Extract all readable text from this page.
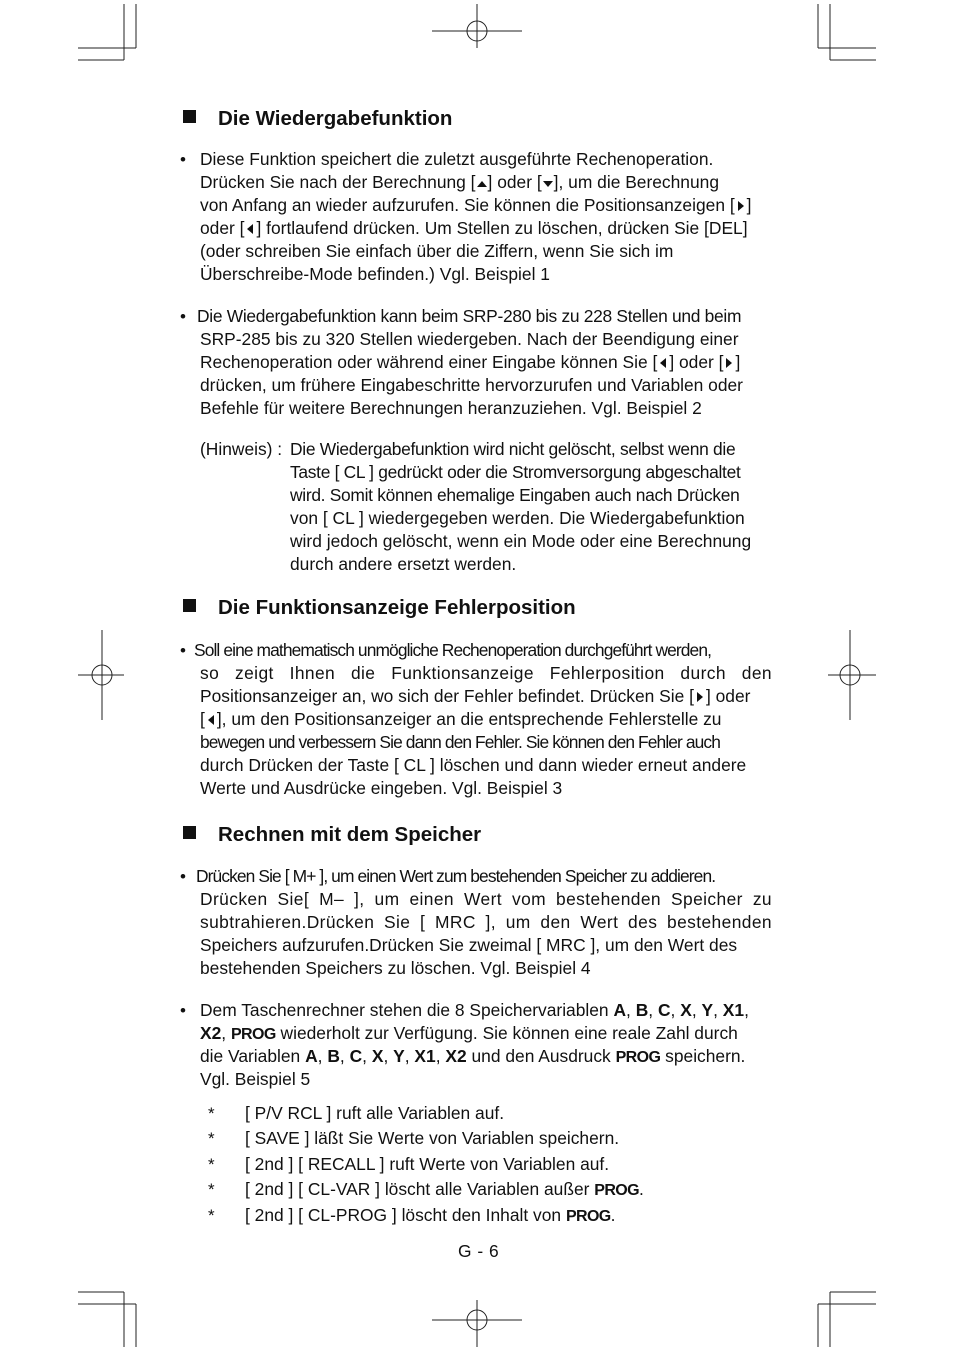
Die Wiedergabefunktion
• Diese Funktion speichert die zuletzt ausgeführte Rechenoperation.
Drücken Sie nach der Berechnung [ ] oder [ ], um die Berechnung
von Anfang an wieder aufzurufen. Sie können die Positionsanzeigen [ ]
oder [ ] fortlaufend drücken. Um Stellen zu löschen, drücken Sie [DEL]
(oder schreiben Sie einfach über die Ziffern, wenn Sie sich im
Überschreibe-Mode befinden.) Vgl. Beispiel 1
• Die Wiedergabefunktion kann beim SRP-280 bis zu 228 Stellen und beim
SRP-285 bis zu 320 Stellen wiedergeben. Nach der Beendigung einer
Rechenoperation oder während einer Eingabe können Sie [ ] oder [ ]
drücken, um frühere Eingabeschritte hervorzurufen und Variablen oder
Befehle für weitere Berechnungen heranzuziehen. Vgl. Beispiel 2
(Hinweis) : Die Wiedergabefunktion wird nicht gelöscht, selbst wenn die
Taste [ CL ] gedrückt oder die Stromversorgung abgeschaltet
wird. Somit können ehemalige Eingaben auch nach Drücken
von [ CL ] wiedergegeben werden. Die Wiedergabefunktion
wird jedoch gelöscht, wenn ein Mode oder eine Berechnung
durch andere ersetzt werden.
Die Funktionsanzeige Fehlerposition
• Soll eine mathematisch unmögliche Rechenoperation durchgeführt werden,
so zeigt Ihnen die Funktionsanzeige Fehlerposition durch den
Positionsanzeiger an, wo sich der Fehler befindet. Drücken Sie [ ] oder
[ ], um den Positionsanzeiger an die entsprechende Fehlerstelle zu
bewegen und verbessern Sie dann den Fehler. Sie können den Fehler auch
durch Drücken der Taste [ CL ] löschen und dann wieder erneut andere
Werte und Ausdrücke eingeben. Vgl. Beispiel 3
Rechnen mit dem Speicher
• Drücken Sie [ M+ ], um einen Wert zum bestehenden Speicher zu addieren.
Drücken Sie[ M– ], um einen Wert vom bestehenden Speicher zu
subtrahieren.Drücken Sie [ MRC ], um den Wert des bestehenden
Speichers aufzurufen.Drücken Sie zweimal [ MRC ], um den Wert des
bestehenden Speichers zu löschen. Vgl. Beispiel 4
• Dem Taschenrechner stehen die 8 Speichervariablen A, B, C, X, Y, X1,
X2, PROG wiederholt zur Verfügung. Sie können eine reale Zahl durch
die Variablen A, B, C, X, Y, X1, X2 und den Ausdruck PROG speichern.
Vgl. Beispiel 5
* [ P/V RCL ] ruft alle Variablen auf.
* [ SAVE ] läßt Sie Werte von Variablen speichern.
* [ 2nd ] [ RECALL ] ruft Werte von Variablen auf.
* [ 2nd ] [ CL-VAR ] löscht alle Variablen außer PROG.
* [ 2nd ] [ CL-PROG ] löscht den Inhalt von PROG.
G - 6
